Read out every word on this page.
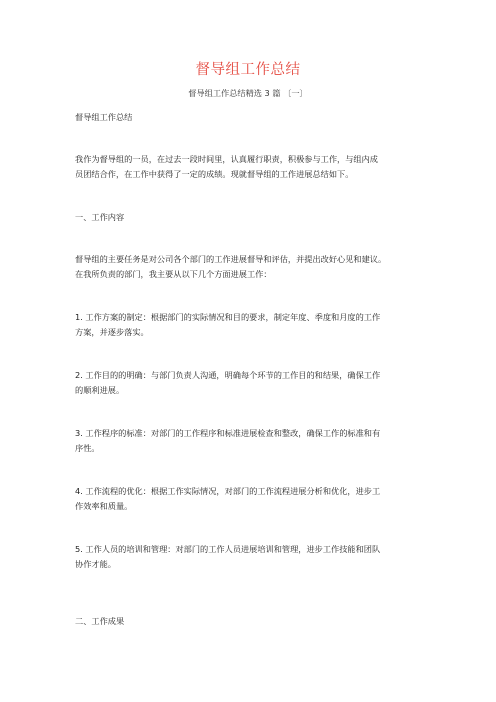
督导组工作总结
督导组工作总结精选 3 篇 〔一〕
督导组工作总结
我作为督导组的一员，在过去一段时间里，认真履行职责，积极参与工作，与组内成
员团结合作，在工作中获得了一定的成绩。现就督导组的工作进展总结如下。
一、工作内容
督导组的主要任务是对公司各个部门的工作进展督导和评估，并提出改好心见和建议。
在我所负责的部门，我主要从以下几个方面进展工作：
1. 工作方案的制定：根据部门的实际情况和目的要求，制定年度、季度和月度的工作
方案，并逐步落实。
2. 工作目的的明确：与部门负责人沟通，明确每个环节的工作目的和结果，确保工作
的顺利进展。
3. 工作程序的标准：对部门的工作程序和标准进展检查和整改，确保工作的标准和有
序性。
4. 工作流程的优化：根据工作实际情况，对部门的工作流程进展分析和优化，进步工
作效率和质量。
5. 工作人员的培训和管理：对部门的工作人员进展培训和管理，进步工作技能和团队
协作才能。
二、工作成果
